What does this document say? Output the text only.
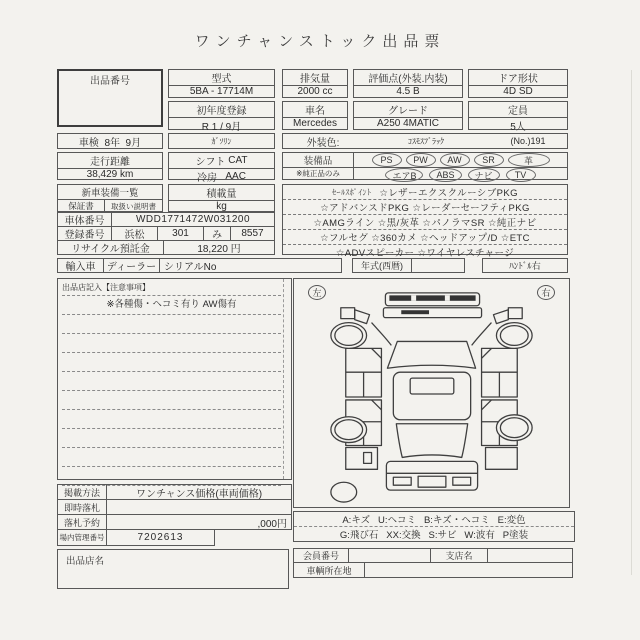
ワンチャンストック出品票
出品番号	型式
5BA - 17714M
排気量
2000 cc
評価点(外装.内装)
4.5 B
ドア形状
4D SD
初年度登録
R 1 / 9月
車名
Mercedes
グレード
A250 4MATIC
定員
5人
車検
8年  9月	ｶﾞｿﾘﾝ	外装色:	ｺｽﾓｽﾌﾞﾗｯｸ	(No.)191
走行距離
38,429 km
シフト
CAT
冷房
AAC
装備品
※純正品のみ
PS	PW	AW	SR	革
エアB	ABS	ナビ	TV
新車装備一覧
保証書	取扱い説明書
積載量
kg
ｾｰﾙｽﾎﾟｲﾝﾄ ☆レザーエクスクルーシブPKG
☆アドバンスドPKG ☆レーダーセーフティPKG
☆AMGライン ☆黒/灰革 ☆パノラマSR ☆純正ナビ
☆フルセグ ☆360カメ ☆ヘッドアップ/D ☆ETC
☆ADVスピーカー ☆ワイヤレスチャージ
車体番号	WDD1771472W031200
登録番号	浜松	301	み	8557
リサイクル預託金	18,220 円
輸入車	ディーラー シリアルNo	年式(西暦)	ﾊﾝﾄﾞﾙ右
出品店記入【注意事項】
※各種傷・ヘコミ有り AW傷有
左	右
A:キズ   U:ヘコミ   B:キズ・ヘコミ   E:変色
G:飛び石   XX:交換   S:サビ   W:波有   P塗装
掲載方法	ワンチャンス価格(車両価格)
即時落札
落札予約	,000円
場内管理番号	7202613
出品店名	会員番号	支店名
車輌所在地
